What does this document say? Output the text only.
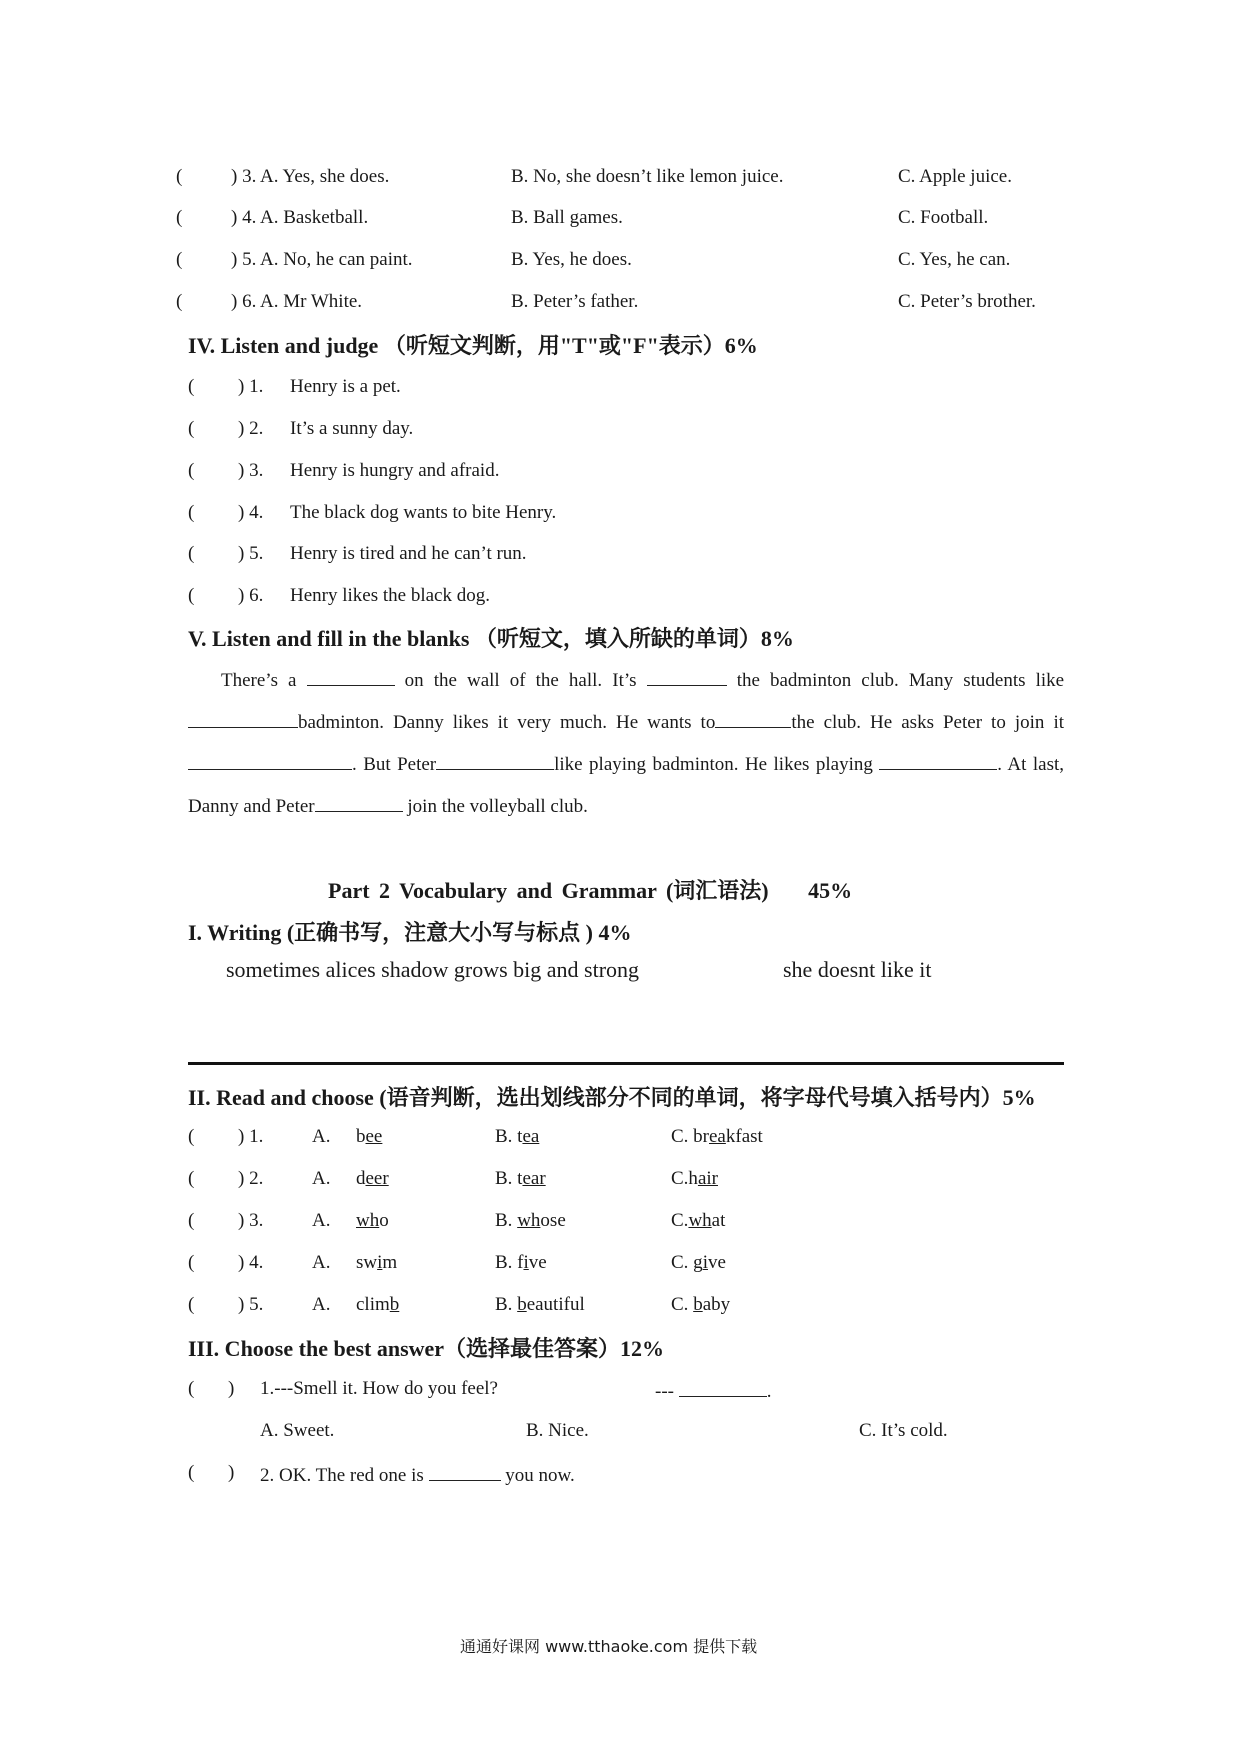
(	) 3. A. Yes, she does.	B. No, she doesn’t like lemon juice.	C. Apple juice.
(	) 4. A. Basketball.	B. Ball games.	C. Football.
(	) 5. A. No, he can paint.	B. Yes, he does.	C. Yes, he can.
(	) 6. A. Mr White.	B. Peter’s father.	C. Peter’s brother.
IV. Listen and judge （听短文判断，用"T"或"F"表示）6%
( ) 1. Henry is a pet.
( ) 2. It’s a sunny day.
( ) 3. Henry is hungry and afraid.
( ) 4. The black dog wants to bite Henry.
( ) 5. Henry is tired and he can’t run.
( ) 6. Henry likes the black dog.
V. Listen and fill in the blanks （听短文，填入所缺的单词）8%
There’s a	on the wall of the hall. It’s	the badminton club. Many students likebadminton. Danny likes it very much. He wants to	the club. He asks Peter to join it. But Peter	like playing badminton. He likes playing	. At last, Danny and Peter	join the volleyball club.
Part 2 Vocabulary and Grammar (词汇语法) 45%
I. Writing (正确书写，注意大小写与标点 ) 4%
sometimes alices shadow grows big and strong	she doesnt like it
II. Read and choose (语音判断，选出划线部分不同的单词，将字母代号填入括号内）5%
( ) 1.	A. bee	B. tea	C. breakfast
( ) 2.	A. deer	B. tear	C.hair
( ) 3.	A. who	B. whose	C.what
( ) 4.	A. swim	B. five	C. give
( ) 5.	A. climb	B. beautiful	C. baby
III. Choose the best answer（选择最佳答案）12%
( ) 1.---Smell it. How do you feel?	---	.
A. Sweet.	B. Nice.	C. It’s cold.
( ) 2. OK. The red one is	you now.
通通好课网 www.tthaoke.com 提供下载
